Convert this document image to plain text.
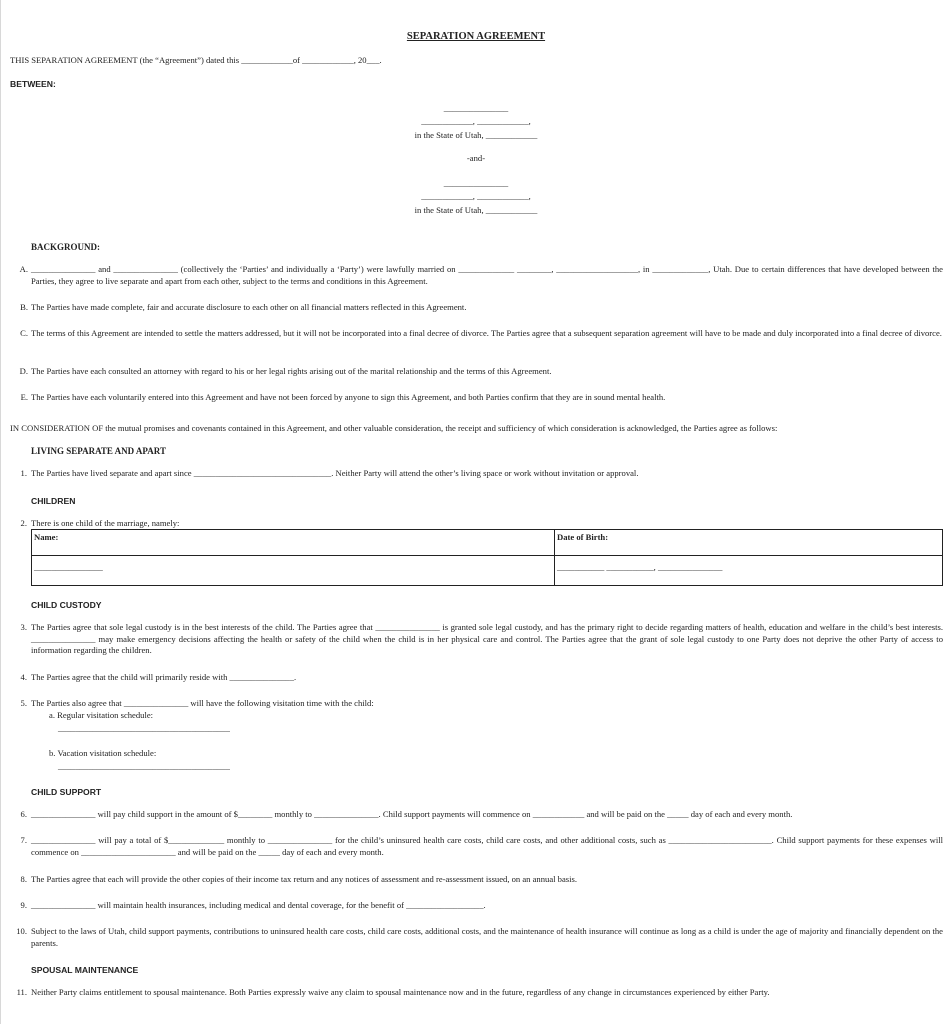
SEPARATION AGREEMENT
THIS SEPARATION AGREEMENT (the “Agreement”) dated this ____________of ____________, 20___.
BETWEEN:
_______________
____________, ____________,
in the State of Utah, ____________
-and-
_______________
____________, ____________,
in the State of Utah, ____________
BACKGROUND:
A. _______________ and _______________ (collectively the ‘Parties’ and individually a ‘Party’) were lawfully married on _____________ ________, ___________________, in _____________, Utah. Due to certain differences that have developed between the Parties, they agree to live separate and apart from each other, subject to the terms and conditions in this Agreement.
B. The Parties have made complete, fair and accurate disclosure to each other on all financial matters reflected in this Agreement.
C. The terms of this Agreement are intended to settle the matters addressed, but it will not be incorporated into a final decree of divorce. The Parties agree that a subsequent separation agreement will have to be made and duly incorporated into a final decree of divorce.
D. The Parties have each consulted an attorney with regard to his or her legal rights arising out of the marital relationship and the terms of this Agreement.
E. The Parties have each voluntarily entered into this Agreement and have not been forced by anyone to sign this Agreement, and both Parties confirm that they are in sound mental health.
IN CONSIDERATION OF the mutual promises and covenants contained in this Agreement, and other valuable consideration, the receipt and sufficiency of which consideration is acknowledged, the Parties agree as follows:
LIVING SEPARATE AND APART
1. The Parties have lived separate and apart since ________________________________. Neither Party will attend the other’s living space or work without invitation or approval.
CHILDREN
2. There is one child of the marriage, namely:
Name:	Date of Birth:
________________	___________ ___________, _______________
CHILD CUSTODY
3. The Parties agree that sole legal custody is in the best interests of the child. The Parties agree that _______________ is granted sole legal custody, and has the primary right to decide regarding matters of health, education and welfare in the child’s best interests. _______________ may make emergency decisions affecting the health or safety of the child when the child is in her physical care and control. The Parties agree that the grant of sole legal custody to one Party does not deprive the other Party of access to information regarding the children.
4. The Parties agree that the child will primarily reside with _______________.
5. The Parties also agree that _______________ will have the following visitation time with the child:
a. Regular visitation schedule:
________________________________________
b. Vacation visitation schedule:
________________________________________
CHILD SUPPORT
6. _______________ will pay child support in the amount of $________ monthly to _______________. Child support payments will commence on ____________ and will be paid on the _____ day of each and every month.
7. _______________ will pay a total of $_____________ monthly to _______________ for the child’s uninsured health care costs, child care costs, and other additional costs, such as ________________________. Child support payments for these expenses will commence on ______________________ and will be paid on the _____ day of each and every month.
8. The Parties agree that each will provide the other copies of their income tax return and any notices of assessment and re-assessment issued, on an annual basis.
9. _______________ will maintain health insurances, including medical and dental coverage, for the benefit of __________________.
10. Subject to the laws of Utah, child support payments, contributions to uninsured health care costs, child care costs, additional costs, and the maintenance of health insurance will continue as long as a child is under the age of majority and financially dependent on the parents.
SPOUSAL MAINTENANCE
11. Neither Party claims entitlement to spousal maintenance. Both Parties expressly waive any claim to spousal maintenance now and in the future, regardless of any change in circumstances experienced by either Party.
